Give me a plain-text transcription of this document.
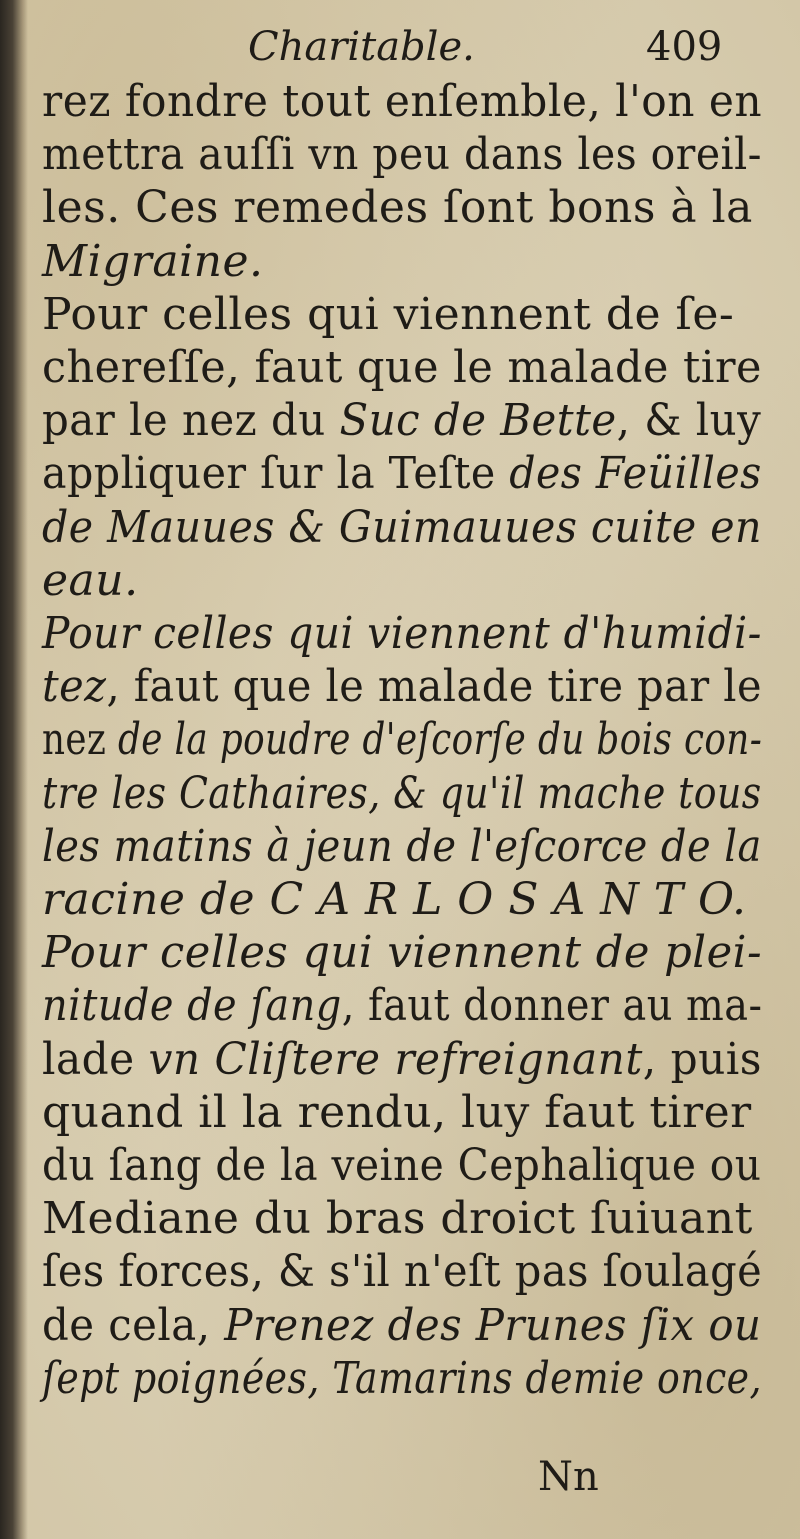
Charitable.	409
rez fondre tout enſemble, l'on en
mettra auſſi vn peu dans les oreil-
les. Ces remedes ſont bons à la
Migraine.
Pour celles qui viennent de ſe-
chereſſe, faut que le malade tire
par le nez du Suc de Bette, & luy
appliquer ſur la Teſte des Feüilles
de Mauues & Guimauues cuite en
eau.
Pour celles qui viennent d'humidi-
tez, faut que le malade tire par le
nez de la poudre d'eſcorſe du bois con-
tre les Cathaires, & qu'il mache tous
les matins à jeun de l'eſcorce de la
racine de C A R L O S A N T O.
Pour celles qui viennent de plei-
nitude de ſang, faut donner au ma-
lade vn Cliſtere refreignant, puis
quand il la rendu, luy faut tirer
du ſang de la veine Cephalique ou
Mediane du bras droict ſuiuant
ſes forces, & s'il n'eſt pas ſoulagé
de cela, Prenez des Prunes ſix ou
ſept poignées, Tamarins demie once,
Nn
